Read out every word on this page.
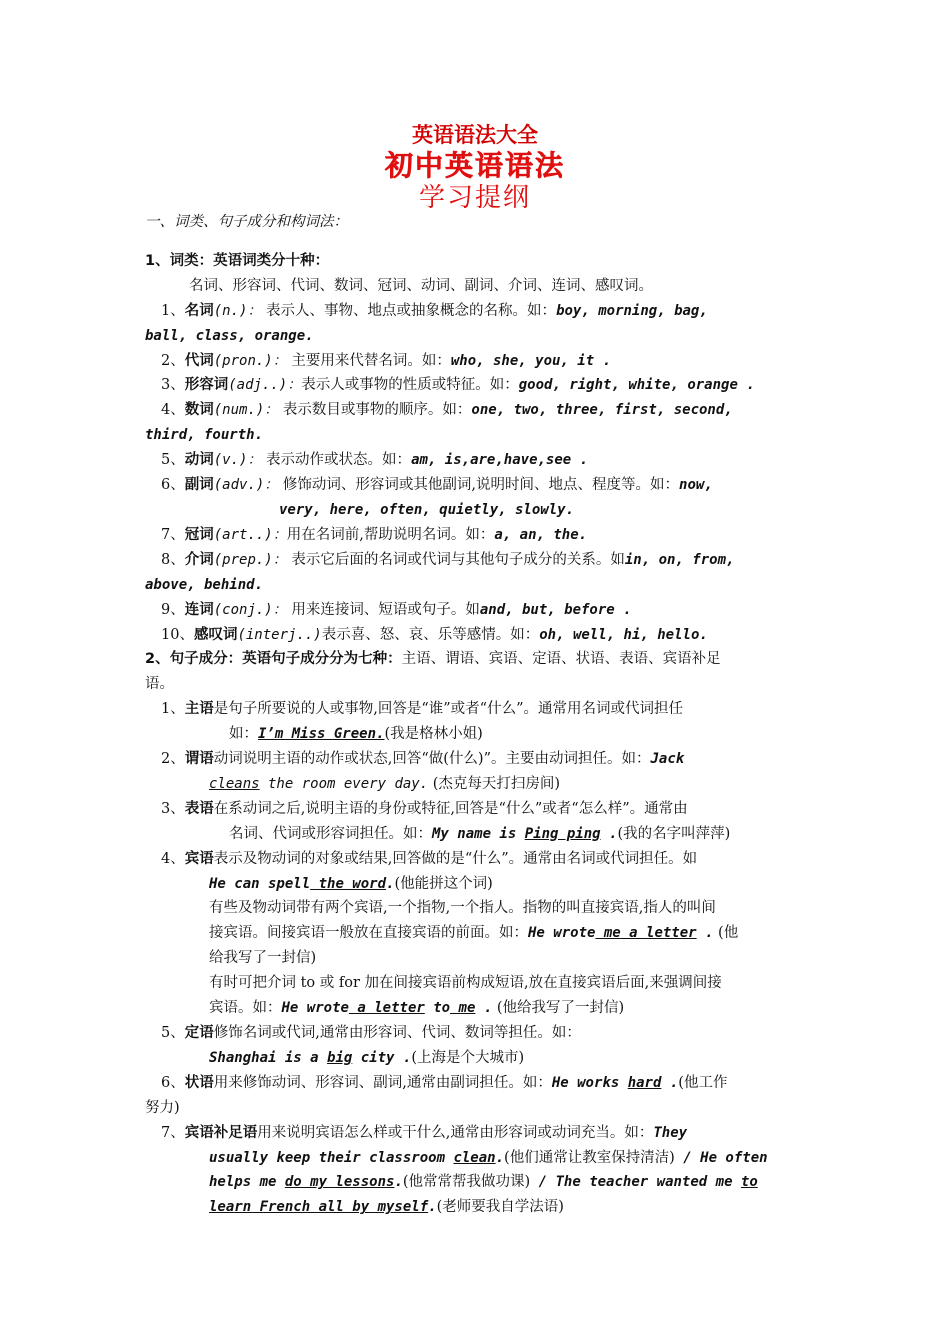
英语语法大全
初中英语语法
学习提纲
一、词类、句子成分和构词法：
1、词类：英语词类分十种：
名词、形容词、代词、数词、冠词、动词、副词、介词、连词、感叹词。
1、名词(n.)： 表示人、事物、地点或抽象概念的名称。如：boy, morning, bag,
ball, class, orange.
2、代词(pron.)： 主要用来代替名词。如：who, she, you, it .
3、形容词(adj..)：表示人或事物的性质或特征。如：good, right, white, orange .
4、数词(num.)： 表示数目或事物的顺序。如：one, two, three, first, second,
third, fourth.
5、动词(v.)： 表示动作或状态。如：am, is,are,have,see .
6、副词(adv.)： 修饰动词、形容词或其他副词,说明时间、地点、程度等。如：now,
very, here, often, quietly, slowly.
7、冠词(art..)：用在名词前,帮助说明名词。如：a, an, the.
8、介词(prep.)： 表示它后面的名词或代词与其他句子成分的关系。如in, on, from,
above, behind.
9、连词(conj.)： 用来连接词、短语或句子。如and, but, before .
10、感叹词(interj..)表示喜、怒、哀、乐等感情。如：oh, well, hi, hello.
2、句子成分：英语句子成分分为七种：主语、谓语、宾语、定语、状语、表语、宾语补足
语。
1、主语是句子所要说的人或事物,回答是“谁”或者“什么”。通常用名词或代词担任
如：I’m Miss Green.(我是格林小姐)
2、谓语动词说明主语的动作或状态,回答“做(什么)”。主要由动词担任。如：Jack
cleans the room every day. (杰克每天打扫房间)
3、表语在系动词之后,说明主语的身份或特征,回答是“什么”或者“怎么样”。通常由
名词、代词或形容词担任。如：My name is Ping ping .(我的名字叫萍萍)
4、宾语表示及物动词的对象或结果,回答做的是“什么”。通常由名词或代词担任。如
He can spell the word.(他能拼这个词)
有些及物动词带有两个宾语,一个指物,一个指人。指物的叫直接宾语,指人的叫间
接宾语。间接宾语一般放在直接宾语的前面。如：He wrote me a letter . (他
给我写了一封信)
有时可把介词 to 或 for 加在间接宾语前构成短语,放在直接宾语后面,来强调间接
宾语。如：He wrote a letter to me . (他给我写了一封信)
5、定语修饰名词或代词,通常由形容词、代词、数词等担任。如：
Shanghai is a big city .(上海是个大城市)
6、状语用来修饰动词、形容词、副词,通常由副词担任。如：He works hard .(他工作
努力)
7、宾语补足语用来说明宾语怎么样或干什么,通常由形容词或动词充当。如：They
usually keep their classroom clean.(他们通常让教室保持清洁) / He often
helps me do my lessons.(他常常帮我做功课) / The teacher wanted me to
learn French all by myself.(老师要我自学法语)
